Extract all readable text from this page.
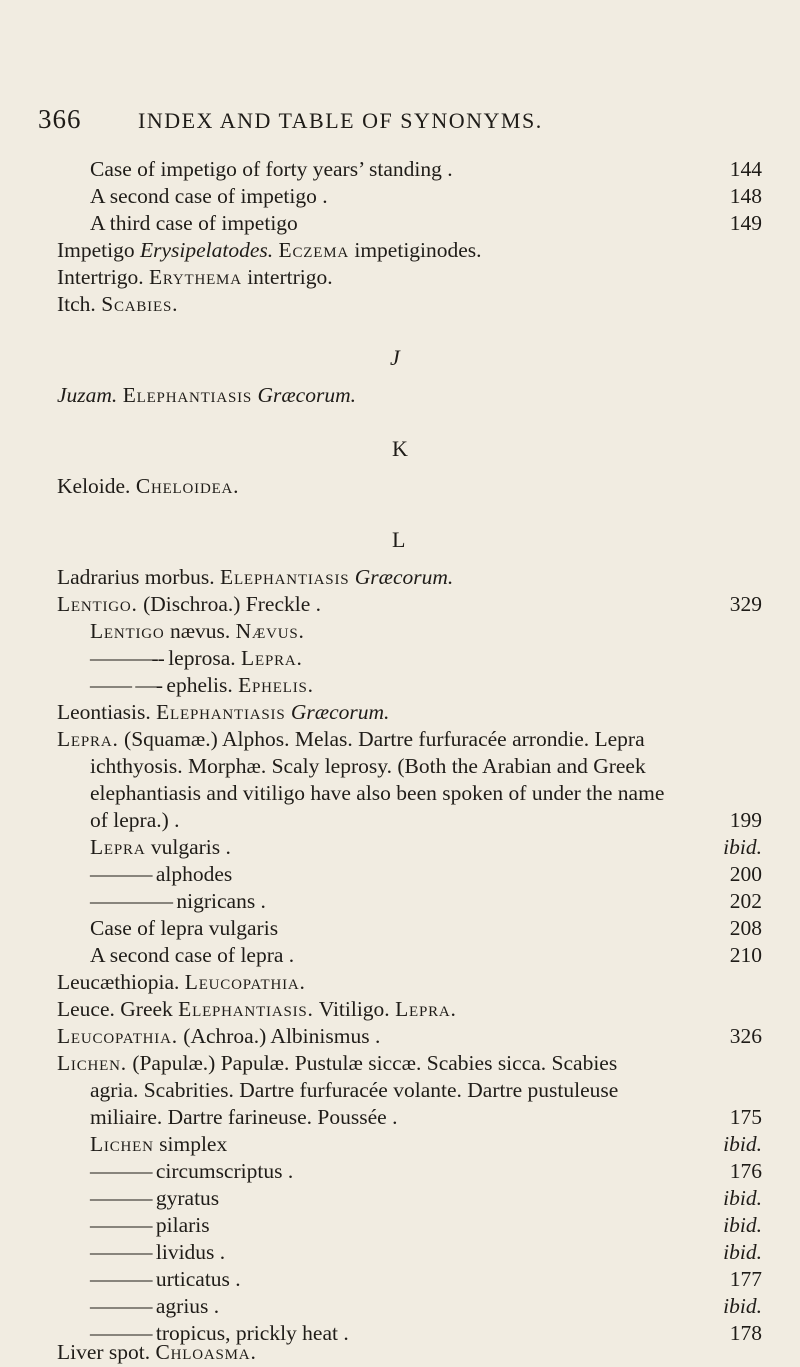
366	INDEX AND TABLE OF SYNONYMS.
Case of impetigo of forty years’ standing .	144
A second case of impetigo .	148
A third case of impetigo	149
Impetigo Erysipelatodes. Eczema impetiginodes.
Intertrigo. Erythema intertrigo.
Itch. Scabies.
J
Juzam. Elephantiasis Græcorum.
K
Keloide. Cheloidea.
L
Ladrarius morbus. Elephantiasis Græcorum.
Lentigo. (Dischroa.) Freckle .	329
Lentigo nævus. Nævus.
———-- leprosa. Lepra.
—— —- ephelis. Ephelis.
Leontiasis. Elephantiasis Græcorum.
Lepra. (Squamæ.) Alphos. Melas. Dartre furfuracée arrondie. Lepra
ichthyosis. Morphæ. Scaly leprosy. (Both the Arabian and Greek
elephantiasis and vitiligo have also been spoken of under the name
of lepra.) .	199
Lepra vulgaris .	ibid.
——— alphodes	200
———— nigricans .	202
Case of lepra vulgaris	208
A second case of lepra .	210
Leucæthiopia. Leucopathia.
Leuce. Greek Elephantiasis. Vitiligo. Lepra.
Leucopathia. (Achroa.) Albinismus .	326
Lichen. (Papulæ.) Papulæ. Pustulæ siccæ. Scabies sicca. Scabies
agria. Scabrities. Dartre furfuracée volante. Dartre pustuleuse
miliaire. Dartre farineuse. Poussée .	175
Lichen simplex	ibid.
——— circumscriptus .	176
——— gyratus	ibid.
——— pilaris	ibid.
——— lividus .	ibid.
——— urticatus .	177
——— agrius .	ibid.
——— tropicus, prickly heat .	178
Liver spot. Chloasma.
